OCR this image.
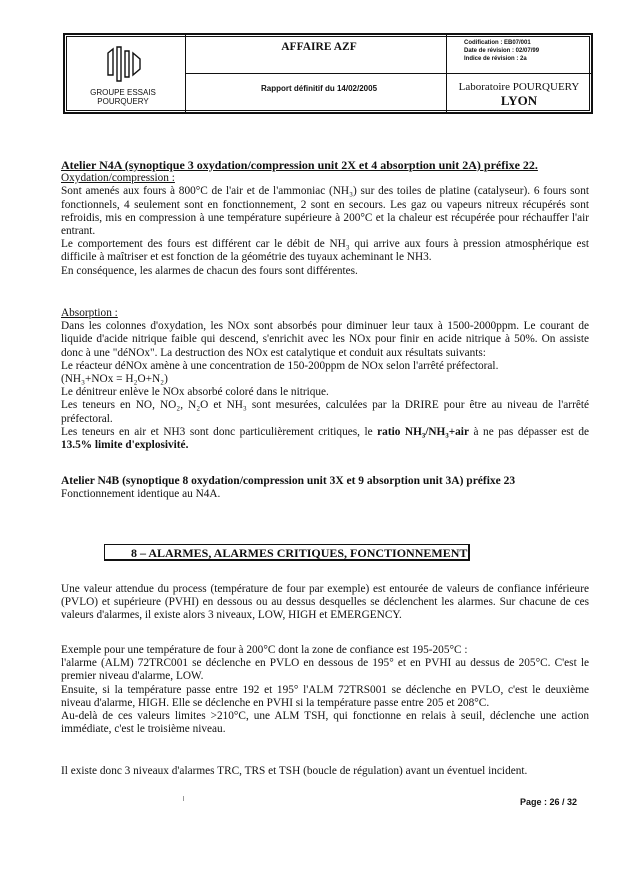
GROUPE ESSAIS
POURQUERY
AFFAIRE AZF	Codification : EB07/001
Date de révision : 02/07/99
Indice de révision : 2a
Rapport définitif du 14/02/2005	Laboratoire POURQUERY
LYON
Atelier N4A (synoptique 3 oxydation/compression unit 2X et 4 absorption unit 2A) préfixe 22.
Oxydation/compression :
Sont amenés aux fours à 800°C de l'air et de l'ammoniac (NH₃) sur des toiles de platine (catalyseur). 6 fours sont fonctionnels, 4 seulement sont en fonctionnement, 2 sont en secours. Les gaz ou vapeurs nitreux récupérés sont refroidis, mis en compression à une température supérieure à 200°C et la chaleur est récupérée pour réchauffer l'air entrant.
Le comportement des fours est différent car le débit de NH₃ qui arrive aux fours à pression atmosphérique est difficile à maîtriser et est fonction de la géométrie des tuyaux acheminant le NH3.
En conséquence, les alarmes de chacun des fours sont différentes.
Absorption :
Dans les colonnes d'oxydation, les NOx sont absorbés pour diminuer leur taux à 1500-2000ppm. Le courant de liquide d'acide nitrique faible qui descend, s'enrichit avec les NOx pour finir en acide nitrique à 50%. On assiste donc à une "déNOx". La destruction des NOx est catalytique et conduit aux résultats suivants:
Le réacteur déNOx amène à une concentration de 150-200ppm de NOx selon l'arrêté préfectoral.
(NH₃+NOx = H₂O+N₂)
Le dénitreur enlève le NOx absorbé coloré dans le nitrique.
Les teneurs en NO, NO₂, N₂O et NH₃ sont mesurées, calculées par la DRIRE pour être au niveau de l'arrêté préfectoral.
Les teneurs en air et NH3 sont donc particulièrement critiques, le ratio NH₃/NH₃+air à ne pas dépasser est de 13.5% limite d'explosivité.
Atelier N4B (synoptique 8 oxydation/compression unit 3X et 9 absorption unit 3A) préfixe 23
Fonctionnement identique au N4A.
8 – ALARMES, ALARMES CRITIQUES, FONCTIONNEMENT
Une valeur attendue du process (température de four par exemple) est entourée de valeurs de confiance inférieure (PVLO) et supérieure (PVHI) en dessous ou au dessus desquelles se déclenchent les alarmes. Sur chacune de ces valeurs d'alarmes, il existe alors 3 niveaux, LOW, HIGH et EMERGENCY.
Exemple pour une température de four à 200°C dont la zone de confiance est 195-205°C :
l'alarme (ALM) 72TRC001 se déclenche en PVLO en dessous de 195° et en PVHI au dessus de 205°C. C'est le premier niveau d'alarme, LOW.
Ensuite, si la température passe entre 192 et 195° l'ALM 72TRS001 se déclenche en PVLO, c'est le deuxième niveau d'alarme, HIGH. Elle se déclenche en PVHI si la température passe entre 205 et 208°C.
Au-delà de ces valeurs limites >210°C, une ALM TSH, qui fonctionne en relais à seuil, déclenche une action immédiate, c'est le troisième niveau.
Il existe donc 3 niveaux d'alarmes TRC, TRS et TSH (boucle de régulation) avant un éventuel incident.
Page : 26 / 32
